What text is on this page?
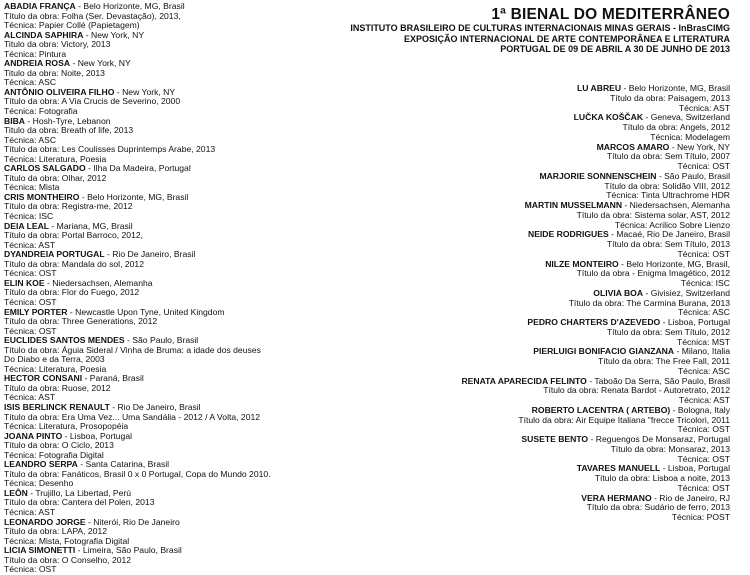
1ª BIENAL DO MEDITERRÂNEO
INSTITUTO BRASILEIRO DE CULTURAS INTERNACIONAIS MINAS GERAIS - InBrasCIMG
EXPOSIÇÃO INTERNACIONAL DE ARTE CONTEMPORÂNEA E LITERATURA
PORTUGAL DE 09 DE ABRIL A 30 DE JUNHO DE 2013
ABADIA FRANÇA - Belo Horizonte, MG, Brasil
Título da obra: Folha (Ser. Devastação), 2013,
Técnica: Papier Collé (Papietagem)
ALCINDA SAPHIRA - New York, NY
Titulo da obra: Victory, 2013
Técnica: Pintura
ANDREIA ROSA - New York, NY
Titulo da obra: Noite, 2013
Técnica: ASC
ANTÔNIO OLIVEIRA FILHO - New York, NY
Título da obra: A Via Crucis de Severino, 2000
Técnica: Fotografia
BIBA - Hosh-Tyre, Lebanon
Titulo da obra: Breath of life, 2013
Técnica: ASC
Título da obra: Les Coulisses Duprintemps Arabe, 2013
Técnica: Literatura, Poesia
CARLOS SALGADO - Ilha Da Madeira, Portugal
Título da obra: Olhar, 2012
Técnica: Mista
CRIS MONTHEIRO - Belo Horizonte, MG, Brasil
Título da obra: Registra-me, 2012
Técnica: ISC
DEIA LEAL - Mariana, MG, Brasil
Título da obra: Portal Barroco, 2012,
Técnica: AST
DYANDREIA PORTUGAL - Rio De Janeiro, Brasil
Título da obra: Mandala do sol, 2012
Técnica: OST
ELIN KOE - Niedersachsen, Alemanha
Título da obra: Flor do Fuego, 2012
Técnica: OST
EMILY PORTER - Newcastle Upon Tyne, United Kingdom
Título da obra: Three Generations, 2012
Técnica: OST
EUCLIDES SANTOS MENDES - São Paulo, Brasil
Título da obra: Águia Sideral / Vinha de Bruma: a idade dos deuses
Do Diabo e da Terra, 2003
Técnica: Literatura, Poesia
HECTOR CONSANI - Paraná, Brasil
Título da obra: Ruose, 2012
Técnica: AST
ISIS BERLINCK RENAULT - Rio De Janeiro, Brasil
Título da obra: Era Uma Vez... Uma Sandália - 2012 / A Volta, 2012
Técnica: Literatura, Prosopopéia
JOANA PINTO - Lisboa, Portugal
Título da obra: O Ciclo, 2013
Técnica: Fotografia Digital
LEANDRO SERPA - Santa Catarina, Brasil
Título da obra: Fanáticos, Brasil 0 x 0 Portugal, Copa do Mundo 2010.
Técnica: Desenho
LEÔN - Trujillo, La Libertad, Perú
Título da obra: Cantera del Polen, 2013
Técnica: AST
LEONARDO JORGE - Niterói, Rio De Janeiro
Título da obra: LAPA, 2012
Técnica: Mista, Fotografia Digital
LICIA SIMONETTI - Limeira, São Paulo, Brasil
Título da obra: O Conselho, 2012
Técnica: OST
LU ABREU - Belo Horizonte, MG, Brasil
Título da obra: Paisagem, 2013
Técnica: AST
LUČKA KOŠČAK - Geneva, Switzerland
Título da obra: Angels, 2012
Técnica: Modelagem
MARCOS AMARO - New York, NY
Título da obra: Sem Título, 2007
Técnica: OST
MARJORIE SONNENSCHEIN - São Paulo, Brasil
Título da obra: Solidão VIII, 2012
Técnica: Tinta Ultrachrome HDR
MARTIN MUSSELMANN - Niedersachsen, Alemanha
Título da obra: Sistema solar, AST, 2012
Técnica: Acrilico Sobre Lienzo
NEIDE RODRIGUES - Macaé, Rio De Janeiro, Brasil
Título da obra: Sem Título, 2013
Técnica: OST
NILZE MONTEIRO - Belo Horizonte, MG, Brasil,
Título da obra - Enigma Imagético, 2012
Técnica: ISC
OLIVIA BOA - Givisiez, Switzerland
Título da obra: The Carmina Burana, 2013
Técnica: ASC
PEDRO CHARTERS D'AZEVEDO - Lisboa, Portugal
Título da obra: Sem Título, 2012
Técnica: MST
PIERLUIGI BONIFACIO GIANZANA - Milano, Italia
Título da obra: The Free Fall, 2011
Técnica: ASC
RENATA APARECIDA FELINTO - Taboão Da Serra, São Paulo, Brasil
Título da obra: Renata Bardot - Autoretrato, 2012
Técnica: AST
ROBERTO LACENTRA ( ARTEBO) - Bologna, Italy
Título da obra: Air Equipe Italiana "frecce Tricolori, 2011
Técnica: OST
SUSETE BENTO - Reguengos De Monsaraz, Portugal
Título da obra: Monsaraz, 2013
Técnica: OST
TAVARES MANUELL - Lisboa, Portugal
Título da obra: Lisboa a noite, 2013
Técnica: OST
VERA HERMANO - Rio de Janeiro, RJ
Título da obra: Sudário de ferro, 2013
Técnica: POST
